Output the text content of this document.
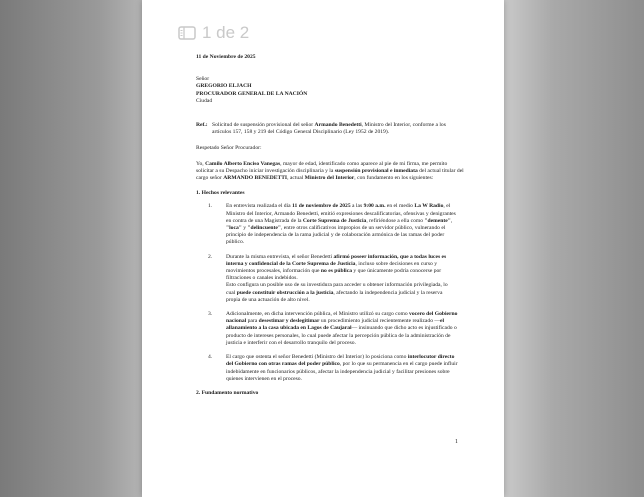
1 de 2

11 de Noviembre de 2025

Señor

GREGORIO ELJACH

PROCURADOR GENERAL DE LA NACIÓN

Ciudad

Ref.: Solicitud de suspensión provisional del señor Armando Benedetti, Ministro del Interior, conforme a los artículos 157, 158 y 219 del Código General Disciplinario (Ley 1952 de 2019).

Respetado Señor Procurador:

Yo, Camilo Alberto Enciso Vanegas, mayor de edad, identificado como aparece al pie de mi firma, me permito solicitar a su Despacho iniciar investigación disciplinaria y la suspensión provisional e inmediata del actual titular del cargo señor ARMANDO BENEDETTI, actual Ministro del Interior, con fundamento en los siguientes:

1. Hechos relevantes

1.	En entrevista realizada el día 11 de noviembre de 2025 a las 9:00 a.m. en el medio La W Radio, el Ministro del Interior, Armando Benedetti, emitió expresiones descalificatorias, ofensivas y denigrantes en contra de una Magistrada de la Corte Suprema de Justicia, refiriéndose a ella como "demente", "loca" y "delincuente", entre otros calificativos impropios de un servidor público, vulnerando el principio de independencia de la rama judicial y de colaboración armónica de las ramas del poder público.
2.	Durante la misma entrevista, el señor Benedetti afirmó poseer información, que a todas luces es interna y confidencial de la Corte Suprema de Justicia, incluso sobre decisiones en curso y movimientos procesales, información que no es pública y que únicamente podría conocerse por filtraciones o canales indebidos.
Esto configura un posible uso de su investidura para acceder u obtener información privilegiada, lo cual puede constituir obstrucción a la justicia, afectando la independencia judicial y la reserva propia de una actuación de alto nivel.
3.	Adicionalmente, en dicha intervención pública, el Ministro utilizó su cargo como vocero del Gobierno nacional para desestimar y deslegitimar un procedimiento judicial recientemente realizado —el allanamiento a la casa ubicada en Lagos de Caujaral— insinuando que dicho acto es injustificado o producto de intereses personales, lo cual puede afectar la percepción pública de la administración de justicia e interferir con el desarrollo tranquilo del proceso.
4.	El cargo que ostenta el señor Benedetti (Ministro del Interior) lo posiciona como interlocutor directo del Gobierno con otras ramas del poder público, por lo que su permanencia en el cargo puede influir indebidamente en funcionarios públicos, afectar la independencia judicial y facilitar presiones sobre quienes intervienen en el proceso.

2. Fundamento normativo

1
